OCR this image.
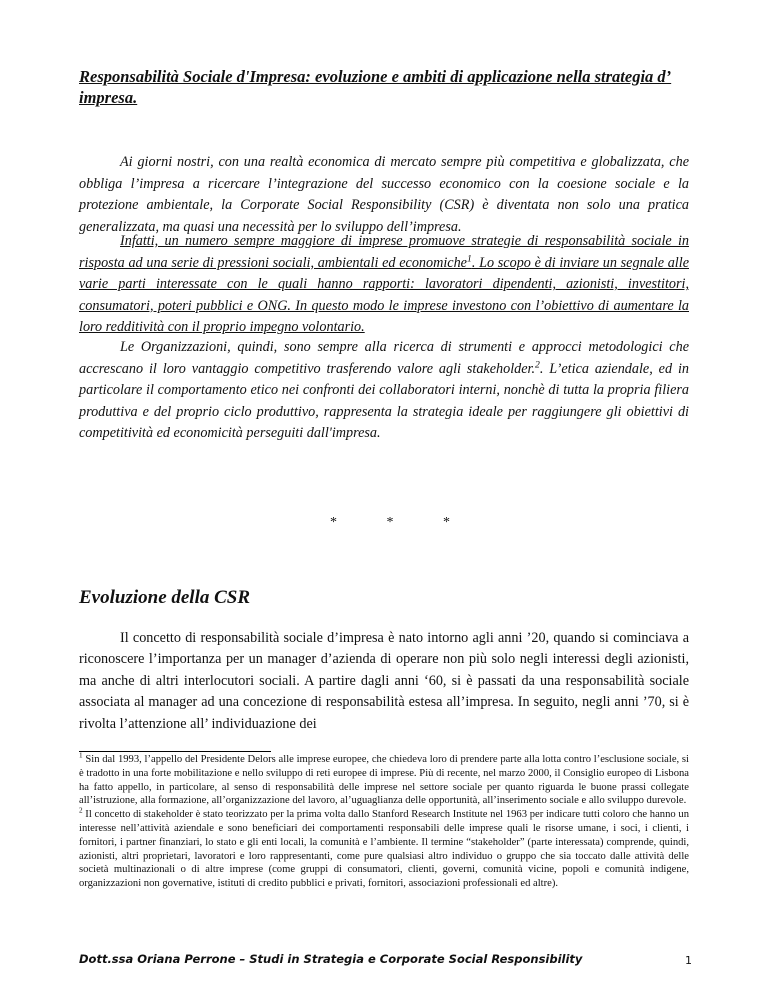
Responsabilità Sociale d'Impresa: evoluzione e ambiti di applicazione nella strategia d’ impresa.
Ai giorni nostri, con una realtà economica di mercato sempre più competitiva e globalizzata, che obbliga l’impresa a ricercare l’integrazione del successo economico con la coesione sociale e la protezione ambientale, la Corporate Social Responsibility (CSR) è diventata non solo una pratica generalizzata, ma quasi una necessità per lo sviluppo dell’impresa.
Infatti, un numero sempre maggiore di imprese promuove strategie di responsabilità sociale in risposta ad una serie di pressioni sociali, ambientali ed economiche$^1$. Lo scopo è di inviare un segnale alle varie parti interessate con le quali hanno rapporti: lavoratori dipendenti, azionisti, investitori, consumatori, poteri pubblici e ONG. In questo modo le imprese investono con l’obiettivo di aumentare la loro redditività con il proprio impegno volontario.
Le Organizzazioni, quindi, sono sempre alla ricerca di strumenti e approcci metodologici che accrescano il loro vantaggio competitivo trasferendo valore agli stakeholder.$^2$. L’etica aziendale, ed in particolare il comportamento etico nei confronti dei collaboratori interni, nonchè di tutta la propria filiera produttiva e del proprio ciclo produttivo, rappresenta la strategia ideale per raggiungere gli obiettivi di competitività ed economicità perseguiti dall'impresa.
*	*	*
Evoluzione della CSR
Il concetto di responsabilità sociale d’impresa è nato intorno agli anni ’20, quando si cominciava a riconoscere l’importanza per un manager d’azienda di operare non più solo negli interessi degli azionisti, ma anche di altri interlocutori sociali. A partire dagli anni ‘60, si è passati da una responsabilità sociale associata al manager ad una concezione di responsabilità estesa all’impresa. In seguito, negli anni ’70, si è rivolta l’attenzione all’ individuazione dei

$^1$ Sin dal 1993, l’appello del Presidente Delors alle imprese europee, che chiedeva loro di prendere parte alla lotta contro l’esclusione sociale, si è tradotto in una forte mobilitazione e nello sviluppo di reti europee di imprese. Più di recente, nel marzo 2000, il Consiglio europeo di Lisbona ha fatto appello, in particolare, al senso di responsabilità delle imprese nel settore sociale per quanto riguarda le buone prassi collegate all’istruzione, alla formazione, all’organizzazione del lavoro, al’uguaglianza delle opportunità, all’inserimento sociale e allo sviluppo durevole.

$^2$ Il concetto di stakeholder è stato teorizzato per la prima volta dallo Stanford Research Institute nel 1963 per indicare tutti coloro che hanno un interesse nell’attività aziendale e sono beneficiari dei comportamenti responsabili delle imprese quali le risorse umane, i soci, i clienti, i fornitori, i partner finanziari, lo stato e gli enti locali, la comunità e l’ambiente. Il termine “stakeholder” (parte interessata) comprende, quindi, azionisti, altri proprietari, lavoratori e loro rappresentanti, come pure qualsiasi altro individuo o gruppo che sia toccato dalle attività delle società multinazionali o di altre imprese (come gruppi di consumatori, clienti, governi, comunità vicine, popoli e comunità indigene, organizzazioni non governative, istituti di credito pubblici e privati, fornitori, associazioni professionali ed altre).

Dott.ssa Oriana Perrone – Studi in Strategia e Corporate Social Responsibility	1
